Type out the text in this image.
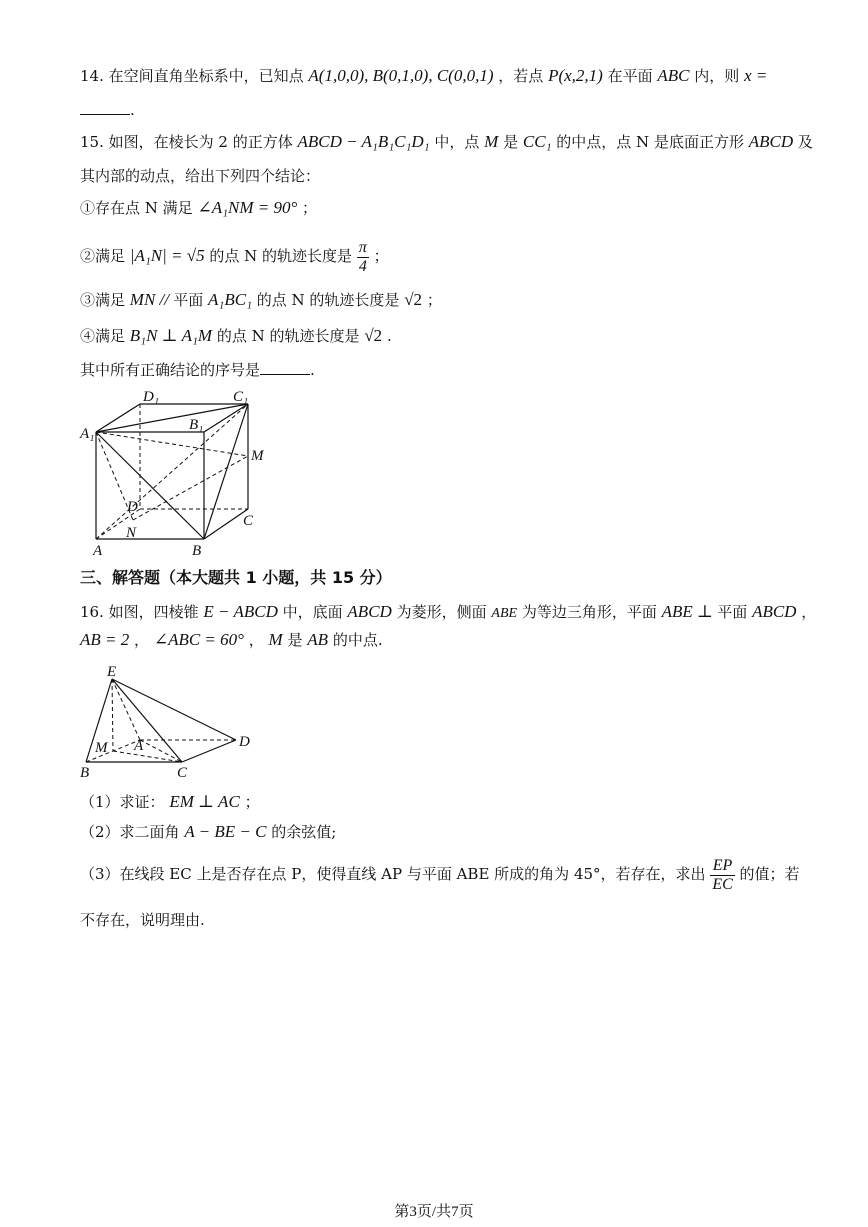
14. 在空间直角坐标系中，已知点 A(1,0,0), B(0,1,0), C(0,0,1) ，若点 P(x,2,1) 在平面 ABC 内，则 x =
.
15. 如图，在棱长为 2 的正方体 ABCD − A₁B₁C₁D₁ 中，点 M 是 CC₁ 的中点，点 N 是底面正方形 ABCD 及
其内部的动点，给出下列四个结论：
①存在点 N 满足 ∠A₁NM = 90° ；
②满足 |A₁N| = √5 的点 N 的轨迹长度是 $\frac{\pi}{4}$ ；
③满足 MN // 平面 A₁BC₁ 的点 N 的轨迹长度是 √2 ；
④满足 B₁N ⊥ A₁M 的点 N 的轨迹长度是 √2 .
其中所有正确结论的序号是	.
D₁	C₁
A₁
B₁
M
D
C
N
A	B
三、解答题（本大题共 1 小题，共 15 分）
16. 如图，四棱锥 E − ABCD 中，底面 ABCD 为菱形，侧面 ABE 为等边三角形，平面 ABE ⊥ 平面 ABCD ，
AB = 2 ， ∠ABC = 60° ， M 是 AB 的中点.
E
M A	D
B	C
（1）求证： EM ⊥ AC ；
（2）求二面角 A − BE − C 的余弦值;
（3）在线段 EC 上是否存在点 P，使得直线 AP 与平面 ABE 所成的角为 45°，若存在，求出 $\frac{EP}{EC}$ 的值；若
不存在，说明理由.
第3页/共7页
